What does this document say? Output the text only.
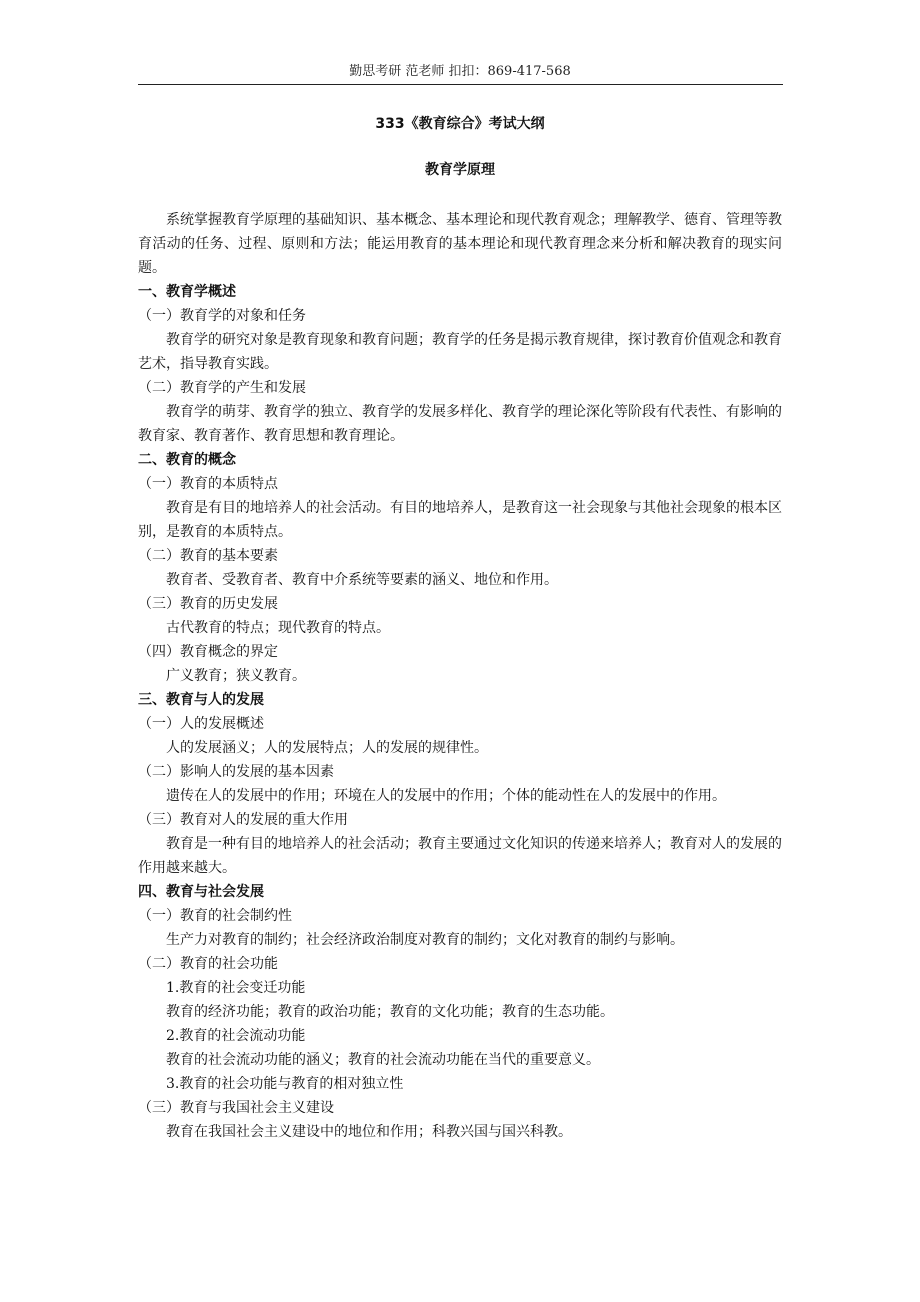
勤思考研 范老师 扣扣：869-417-568
333《教育综合》考试大纲
教育学原理

系统掌握教育学原理的基础知识、基本概念、基本理论和现代教育观念；理解教学、德育、管理等教育活动的任务、过程、原则和方法；能运用教育的基本理论和现代教育理念来分析和解决教育的现实问题。

一、教育学概述

（一）教育学的对象和任务

教育学的研究对象是教育现象和教育问题；教育学的任务是揭示教育规律，探讨教育价值观念和教育艺术，指导教育实践。

（二）教育学的产生和发展

教育学的萌芽、教育学的独立、教育学的发展多样化、教育学的理论深化等阶段有代表性、有影响的教育家、教育著作、教育思想和教育理论。

二、教育的概念

（一）教育的本质特点

教育是有目的地培养人的社会活动。有目的地培养人，是教育这一社会现象与其他社会现象的根本区别，是教育的本质特点。

（二）教育的基本要素

教育者、受教育者、教育中介系统等要素的涵义、地位和作用。

（三）教育的历史发展

古代教育的特点；现代教育的特点。

（四）教育概念的界定

广义教育；狭义教育。

三、教育与人的发展

（一）人的发展概述

人的发展涵义；人的发展特点；人的发展的规律性。

（二）影响人的发展的基本因素

遗传在人的发展中的作用；环境在人的发展中的作用；个体的能动性在人的发展中的作用。

（三）教育对人的发展的重大作用

教育是一种有目的地培养人的社会活动；教育主要通过文化知识的传递来培养人；教育对人的发展的作用越来越大。

四、教育与社会发展

（一）教育的社会制约性

生产力对教育的制约；社会经济政治制度对教育的制约；文化对教育的制约与影响。

（二）教育的社会功能

1.教育的社会变迁功能

教育的经济功能；教育的政治功能；教育的文化功能；教育的生态功能。

2.教育的社会流动功能

教育的社会流动功能的涵义；教育的社会流动功能在当代的重要意义。

3.教育的社会功能与教育的相对独立性

（三）教育与我国社会主义建设

教育在我国社会主义建设中的地位和作用；科教兴国与国兴科教。
